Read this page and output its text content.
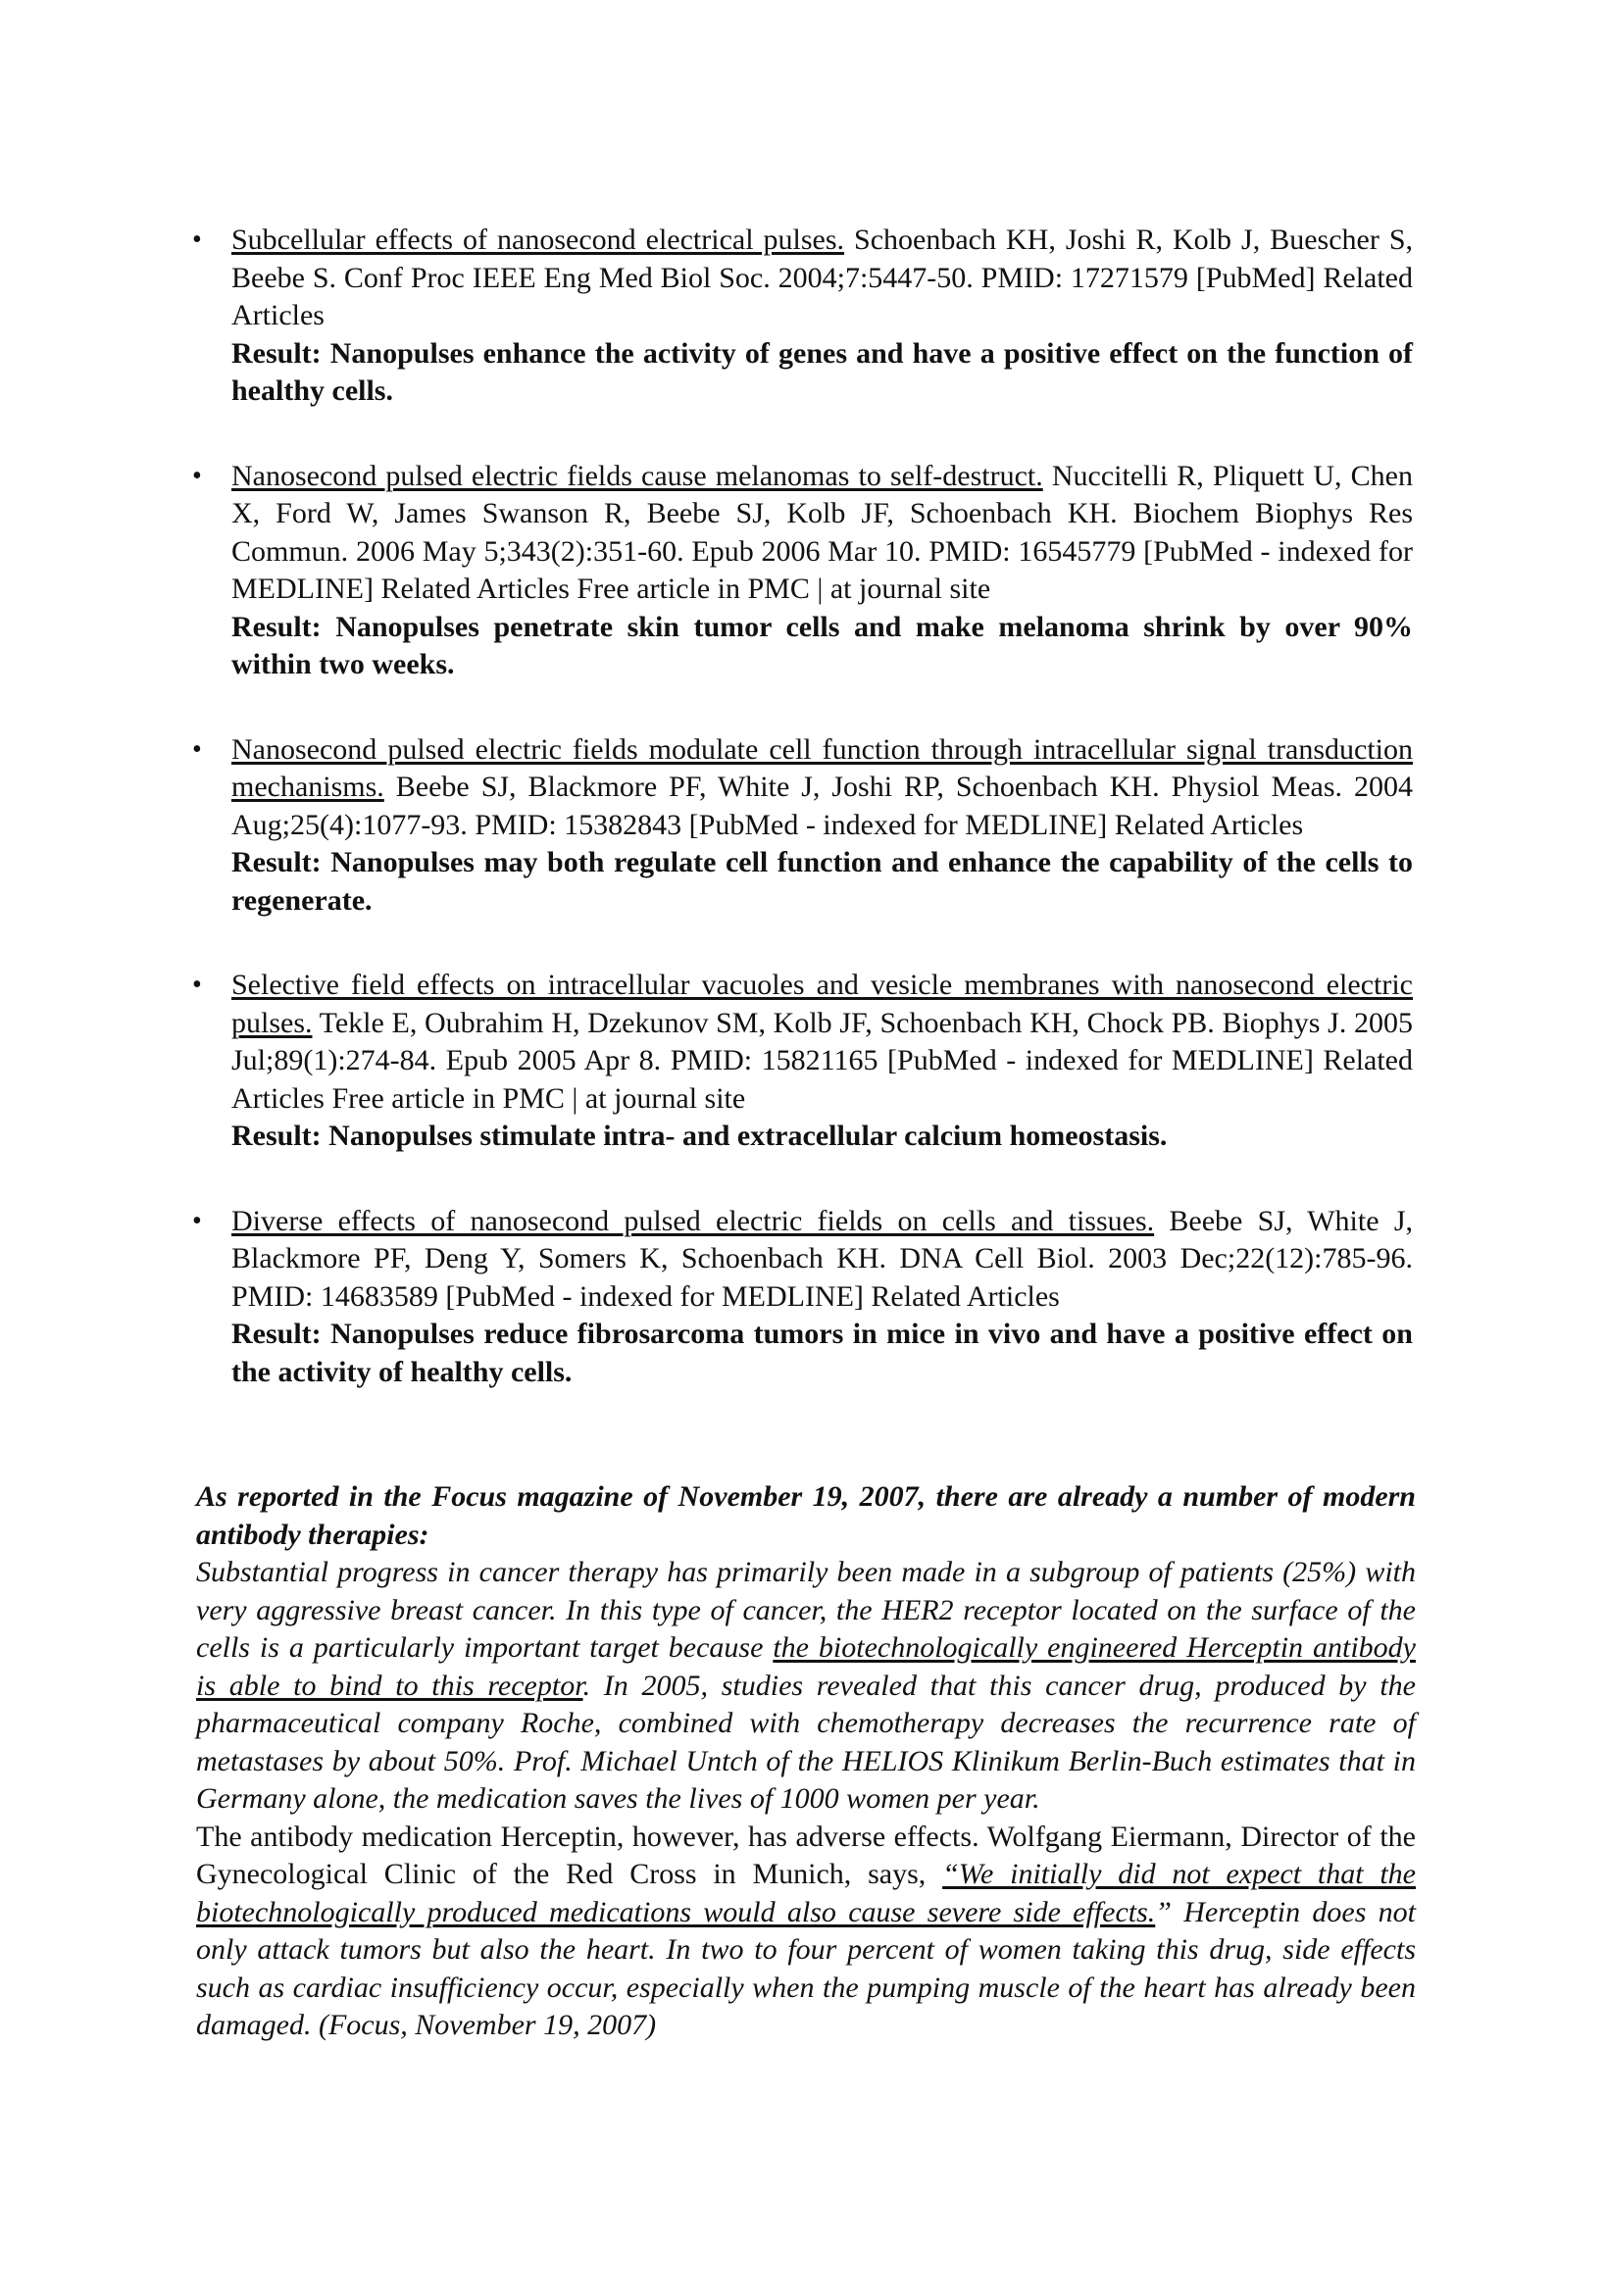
• Subcellular effects of nanosecond electrical pulses. Schoenbach KH, Joshi R, Kolb J, Buescher S, Beebe S. Conf Proc IEEE Eng Med Biol Soc. 2004;7:5447-50. PMID: 17271579 [PubMed] Related Articles
Result: Nanopulses enhance the activity of genes and have a positive effect on the function of healthy cells.
• Nanosecond pulsed electric fields cause melanomas to self-destruct. Nuccitelli R, Pliquett U, Chen X, Ford W, James Swanson R, Beebe SJ, Kolb JF, Schoenbach KH. Biochem Biophys Res Commun. 2006 May 5;343(2):351-60. Epub 2006 Mar 10. PMID: 16545779 [PubMed - indexed for MEDLINE] Related Articles Free article in PMC | at journal site
Result: Nanopulses penetrate skin tumor cells and make melanoma shrink by over 90% within two weeks.
• Nanosecond pulsed electric fields modulate cell function through intracellular signal transduction mechanisms. Beebe SJ, Blackmore PF, White J, Joshi RP, Schoenbach KH. Physiol Meas. 2004 Aug;25(4):1077-93. PMID: 15382843 [PubMed - indexed for MEDLINE] Related Articles
Result: Nanopulses may both regulate cell function and enhance the capability of the cells to regenerate.
• Selective field effects on intracellular vacuoles and vesicle membranes with nanosecond electric pulses. Tekle E, Oubrahim H, Dzekunov SM, Kolb JF, Schoenbach KH, Chock PB. Biophys J. 2005 Jul;89(1):274-84. Epub 2005 Apr 8. PMID: 15821165 [PubMed - indexed for MEDLINE] Related Articles Free article in PMC | at journal site
Result: Nanopulses stimulate intra- and extracellular calcium homeostasis.
• Diverse effects of nanosecond pulsed electric fields on cells and tissues. Beebe SJ, White J, Blackmore PF, Deng Y, Somers K, Schoenbach KH. DNA Cell Biol. 2003 Dec;22(12):785-96. PMID: 14683589 [PubMed - indexed for MEDLINE] Related Articles
Result: Nanopulses reduce fibrosarcoma tumors in mice in vivo and have a positive effect on the activity of healthy cells.
As reported in the Focus magazine of November 19, 2007, there are already a number of modern antibody therapies:
Substantial progress in cancer therapy has primarily been made in a subgroup of patients (25%) with very aggressive breast cancer. In this type of cancer, the HER2 receptor located on the surface of the cells is a particularly important target because the biotechnologically engineered Herceptin antibody is able to bind to this receptor. In 2005, studies revealed that this cancer drug, produced by the pharmaceutical company Roche, combined with chemotherapy decreases the recurrence rate of metastases by about 50%. Prof. Michael Untch of the HELIOS Klinikum Berlin-Buch estimates that in Germany alone, the medication saves the lives of 1000 women per year.
The antibody medication Herceptin, however, has adverse effects. Wolfgang Eiermann, Director of the Gynecological Clinic of the Red Cross in Munich, says, “We initially did not expect that the biotechnologically produced medications would also cause severe side effects.” Herceptin does not only attack tumors but also the heart. In two to four percent of women taking this drug, side effects such as cardiac insufficiency occur, especially when the pumping muscle of the heart has already been damaged. (Focus, November 19, 2007)
